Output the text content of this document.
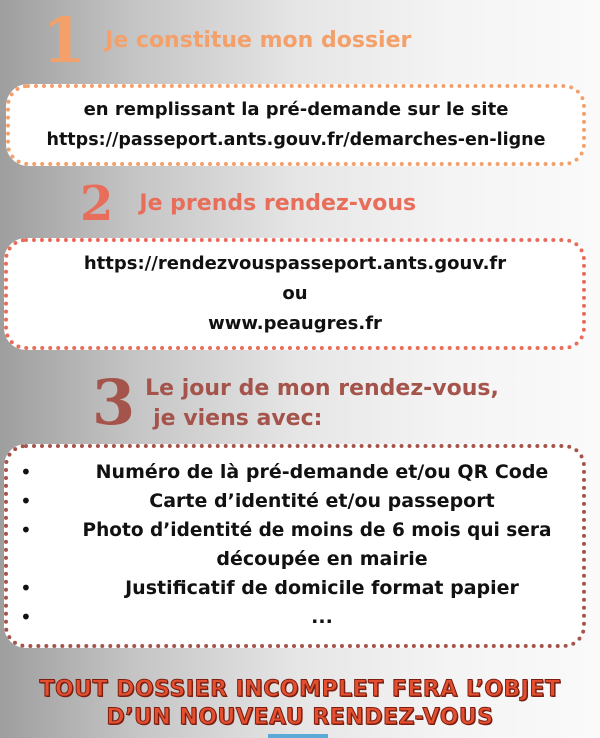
1 Je constitue mon dossier
en remplissant la pré-demande sur le site
https://passeport.ants.gouv.fr/demarches-en-ligne
2 Je prends rendez-vous
https://rendezvouspasseport.ants.gouv.fr
ou
www.peaugres.fr
3 Le jour de mon rendez-vous,
je viens avec:
•	Numéro de là pré-demande et/ou QR Code
•	Carte d’identité et/ou passeport
•	Photo d’identité de moins de 6 mois qui sera
découpée en mairie
•	Justificatif de domicile format papier
•	...
TOUT DOSSIER INCOMPLET FERA L’OBJET
D’UN NOUVEAU RENDEZ-VOUS
